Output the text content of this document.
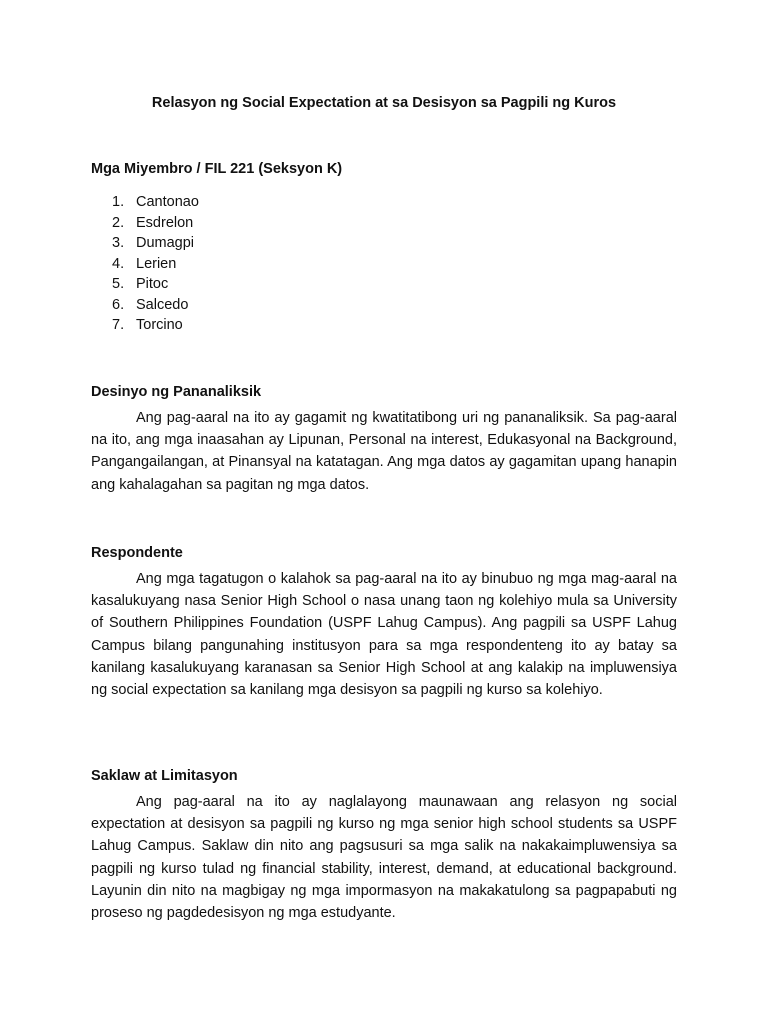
Relasyon ng Social Expectation at sa Desisyon sa Pagpili ng Kuros
Mga Miyembro / FIL 221 (Seksyon K)
1. Cantonao
2. Esdrelon
3. Dumagpi
4. Lerien
5. Pitoc
6. Salcedo
7. Torcino
Desinyo ng Pananaliksik

Ang pag-aaral na ito ay gagamit ng kwatitatibong uri ng pananaliksik. Sa pag-aaral na ito, ang mga inaasahan ay Lipunan, Personal na interest, Edukasyonal na Background, Pangangailangan, at Pinansyal na katatagan. Ang mga datos ay gagamitan upang hanapin ang kahalagahan sa pagitan ng mga datos.

Respondente

Ang mga tagatugon o kalahok sa pag-aaral na ito ay binubuo ng mga mag-aaral na kasalukuyang nasa Senior High School o nasa unang taon ng kolehiyo mula sa University of Southern Philippines Foundation (USPF Lahug Campus). Ang pagpili sa USPF Lahug Campus bilang pangunahing institusyon para sa mga respondenteng ito ay batay sa kanilang kasalukuyang karanasan sa Senior High School at ang kalakip na impluwensiya ng social expectation sa kanilang mga desisyon sa pagpili ng kurso sa kolehiyo.

Saklaw at Limitasyon

Ang pag-aaral na ito ay naglalayong maunawaan ang relasyon ng social expectation at desisyon sa pagpili ng kurso ng mga senior high school students sa USPF Lahug Campus. Saklaw din nito ang pagsusuri sa mga salik na nakakaimpluwensiya sa pagpili ng kurso tulad ng financial stability, interest, demand, at educational background. Layunin din nito na magbigay ng mga impormasyon na makakatulong sa pagpapabuti ng proseso ng pagdedesisyon ng mga estudyante.
